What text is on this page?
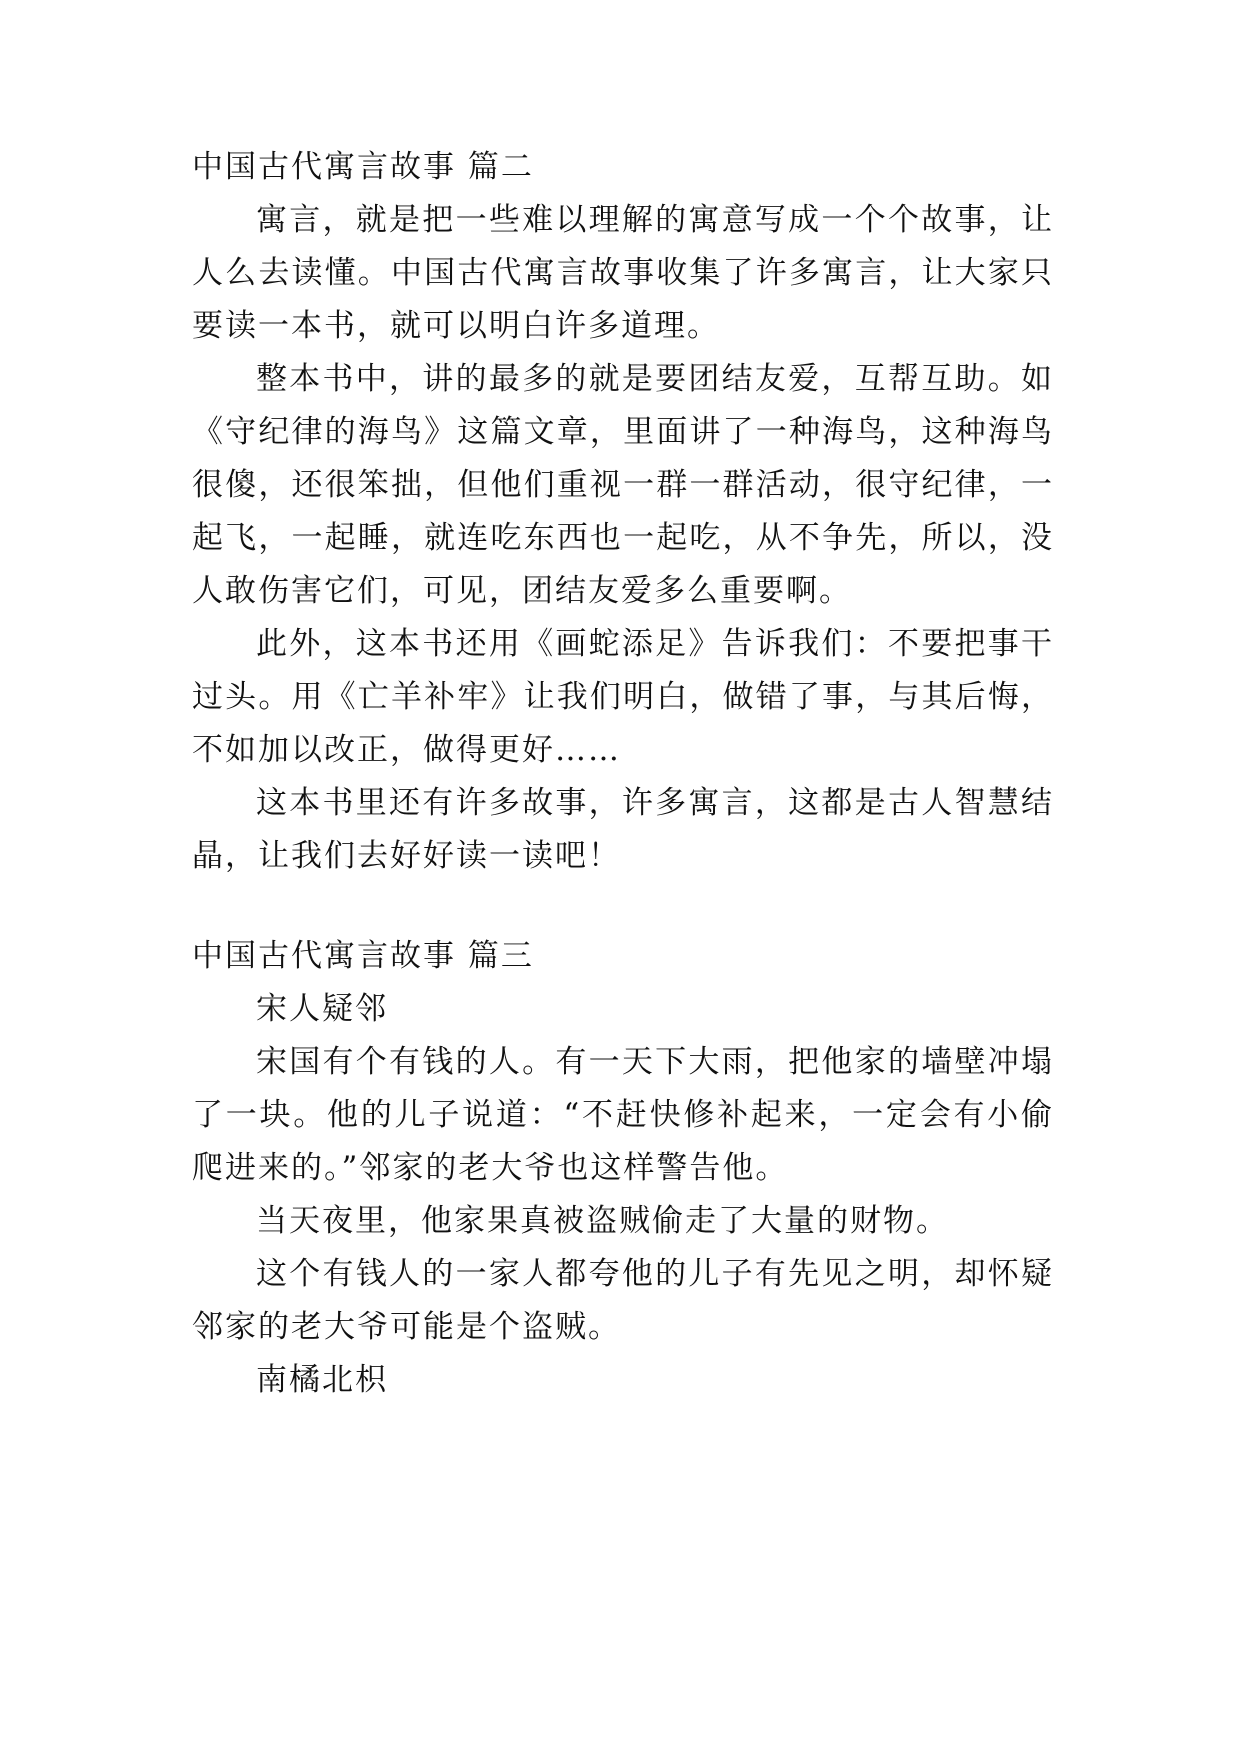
中国古代寓言故事 篇二
寓言，就是把一些难以理解的寓意写成一个个故事，让
人么去读懂。中国古代寓言故事收集了许多寓言，让大家只
要读一本书，就可以明白许多道理。
整本书中，讲的最多的就是要团结友爱，互帮互助。如
《守纪律的海鸟》这篇文章，里面讲了一种海鸟，这种海鸟
很傻，还很笨拙，但他们重视一群一群活动，很守纪律，一
起飞，一起睡，就连吃东西也一起吃，从不争先，所以，没
人敢伤害它们，可见，团结友爱多么重要啊。
此外，这本书还用《画蛇添足》告诉我们：不要把事干
过头。用《亡羊补牢》让我们明白，做错了事，与其后悔，
不如加以改正，做得更好……
这本书里还有许多故事，许多寓言，这都是古人智慧结
晶，让我们去好好读一读吧！
中国古代寓言故事 篇三
宋人疑邻
宋国有个有钱的人。有一天下大雨，把他家的墙壁冲塌
了一块。他的儿子说道：“不赶快修补起来，一定会有小偷
爬进来的。”邻家的老大爷也这样警告他。
当天夜里，他家果真被盗贼偷走了大量的财物。
这个有钱人的一家人都夸他的儿子有先见之明，却怀疑
邻家的老大爷可能是个盗贼。
南橘北枳
